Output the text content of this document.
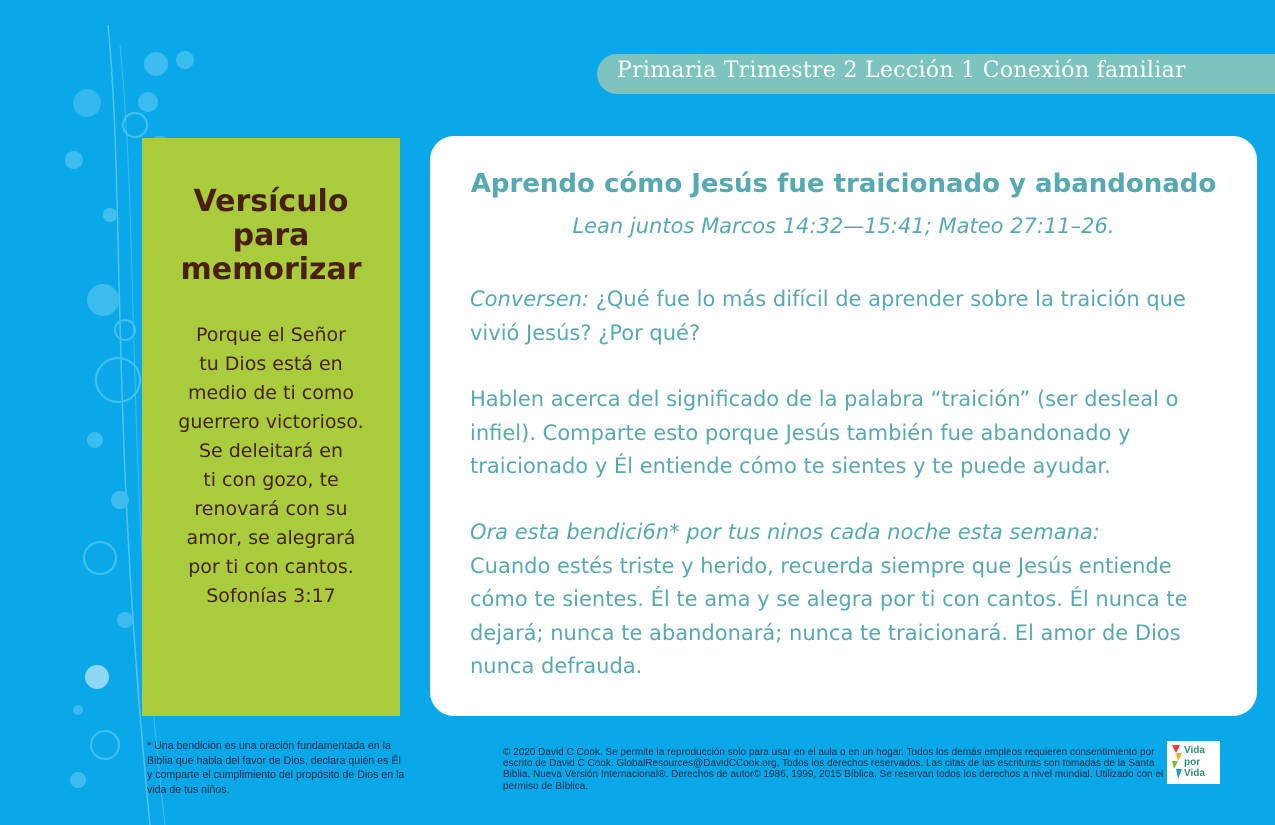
Primaria Trimestre 2 Lección 1 Conexión familiar
Versículo
para
memorizar
Porque el Señor
tu Dios está en
medio de ti como
guerrero victorioso.
Se deleitará en
ti con gozo, te
renovará con su
amor, se alegrará
por ti con cantos.
Sofonías 3:17
Aprendo cómo Jesús fue traicionado y abandonado
Lean juntos Marcos 14:32—15:41; Mateo 27:11–26.
Conversen: ¿Qué fue lo más difícil de aprender sobre la traición que vivió Jesús? ¿Por qué?
Hablen acerca del significado de la palabra “traición” (ser desleal o infiel). Comparte esto porque Jesús también fue abandonado y traicionado y Él entiende cómo te sientes y te puede ayudar.
Ora esta bendici6n* por tus ninos cada noche esta semana:
Cuando estés triste y herido, recuerda siempre que Jesús entiende cómo te sientes. Él te ama y se alegra por ti con cantos. Él nunca te dejará; nunca te abandonará; nunca te traicionará. El amor de Dios nunca defrauda.
* Una bendición es una oración fundamentada en la Biblia que habla del favor de Dios, declara quién es Él y comparte el cumplimiento del propósito de Dios en la vida de tus niños.
© 2020 David C Cook. Se permite la reproducción solo para usar en el aula o en un hogar. Todos los demás empleos requieren consentimiento por escrito de David C Cook. GlobalResources@DavidCCook.org. Todos los derechos reservados. Las citas de las escrituras son tomadas de la Santa Biblia, Nueva Versión Internacional®. Derechos de autor© 1986, 1999, 2015 Bíblica. Se reservan todos los derechos a nivel mundial. Utilizado con el permiso de Bíblica.
Vida
por
Vida
